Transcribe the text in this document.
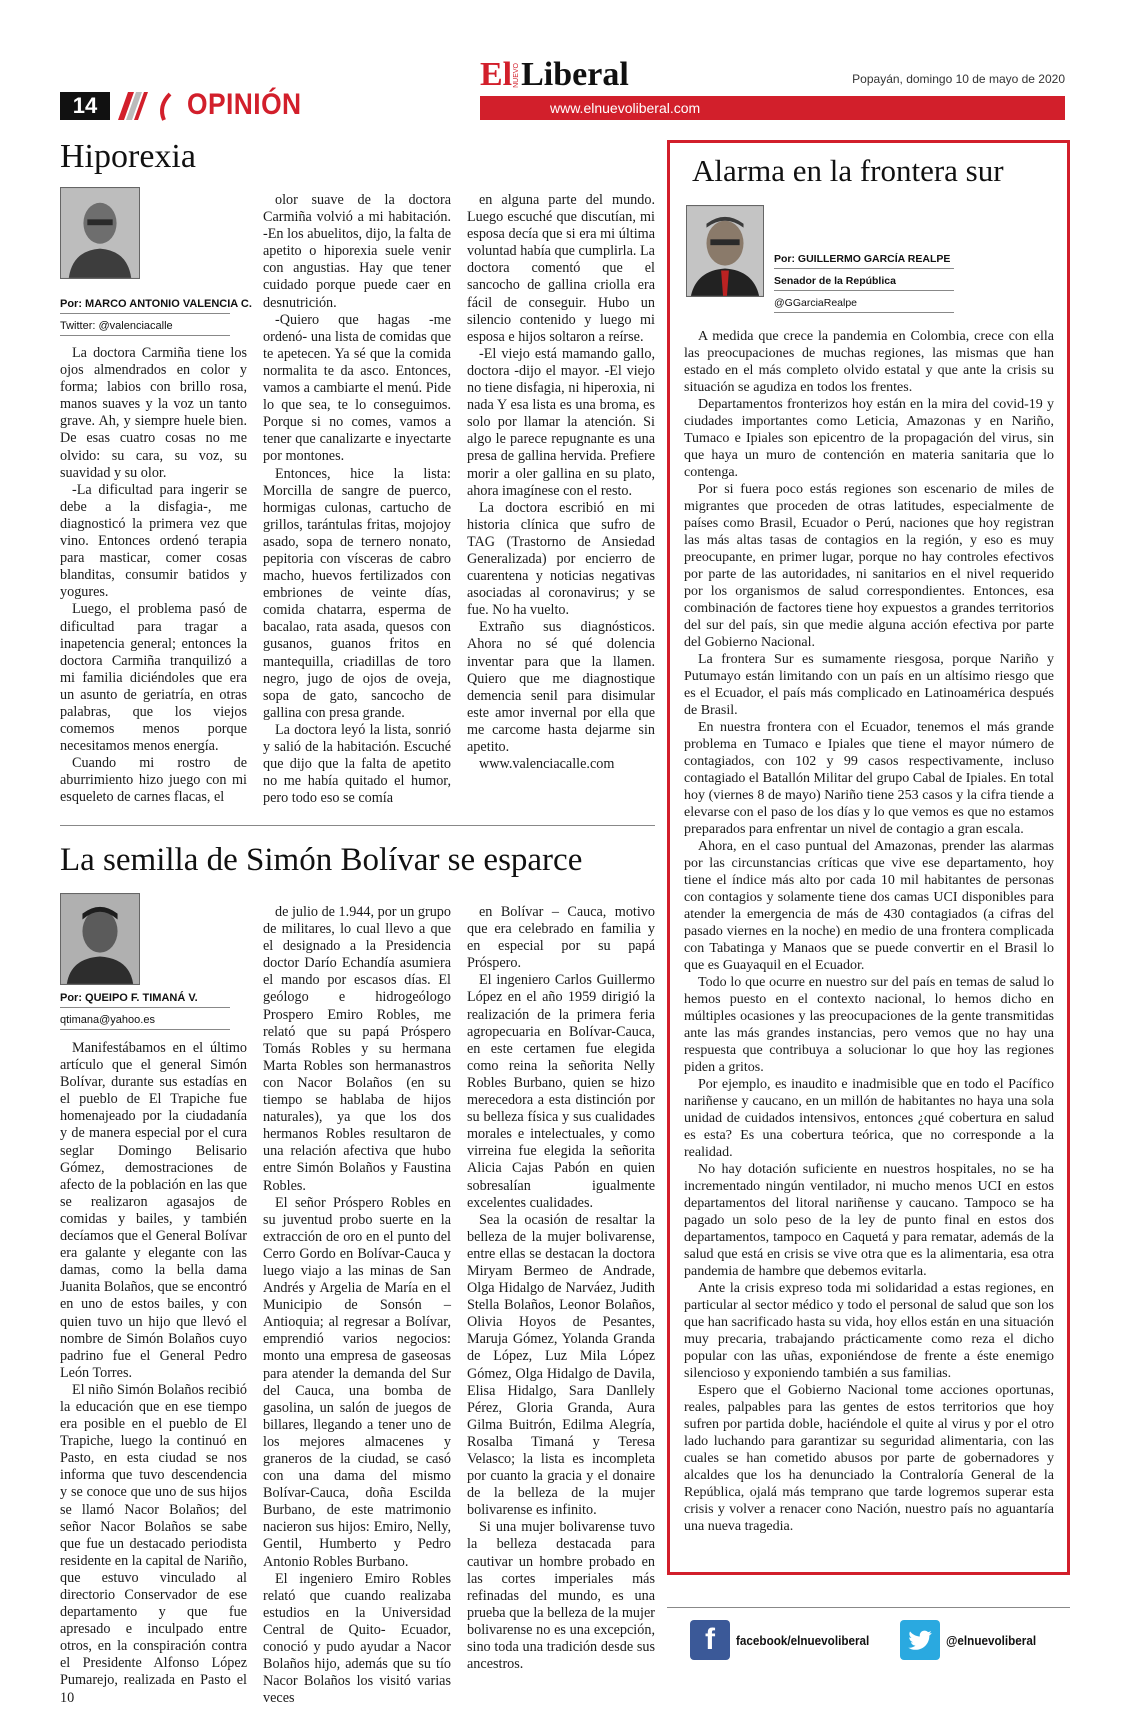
14	OPINIÓN
El NUEVO Liberal	Popayán, domingo 10 de mayo de 2020
www.elnuevoliberal.com
Hiporexia
Por: MARCO ANTONIO VALENCIA C.
Twitter: @valenciacalle

La doctora Carmiña tiene los ojos almendrados en color y forma; labios con brillo rosa, manos suaves y la voz un tanto grave. Ah, y siempre huele bien. De esas cuatro cosas no me olvido: su cara, su voz, su suavidad y su olor.

-La dificultad para ingerir se debe a la disfagia-, me diagnosticó la primera vez que vino. Entonces ordenó terapia para masticar, comer cosas blanditas, consumir batidos y yogures.

Luego, el problema pasó de dificultad para tragar a inapetencia general; entonces la doctora Carmiña tranquilizó a mi familia diciéndoles que era un asunto de geriatría, en otras palabras, que los viejos comemos menos porque necesitamos menos energía.

Cuando mi rostro de aburrimiento hizo juego con mi esqueleto de carnes flacas, el

olor suave de la doctora Carmiña volvió a mi habitación. -En los abuelitos, dijo, la falta de apetito o hiporexia suele venir con angustias. Hay que tener cuidado porque puede caer en desnutrición.

-Quiero que hagas -me ordenó- una lista de comidas que te apetecen. Ya sé que la comida normalita te da asco. Entonces, vamos a cambiarte el menú. Pide lo que sea, te lo conseguimos. Porque si no comes, vamos a tener que canalizarte e inyectarte por montones.

Entonces, hice la lista: Morcilla de sangre de puerco, hormigas culonas, cartucho de grillos, tarántulas fritas, mojojoy asado, sopa de ternero nonato, pepitoria con vísceras de cabro macho, huevos fertilizados con embriones de veinte días, comida chatarra, esperma de bacalao, rata asada, quesos con gusanos, guanos fritos en mantequilla, criadillas de toro negro, jugo de ojos de oveja, sopa de gato, sancocho de gallina con presa grande.

La doctora leyó la lista, sonrió y salió de la habitación. Escuché que dijo que la falta de apetito no me había quitado el humor, pero todo eso se comía

en alguna parte del mundo. Luego escuché que discutían, mi esposa decía que si era mi última voluntad había que cumplirla. La doctora comentó que el sancocho de gallina criolla era fácil de conseguir. Hubo un silencio contenido y luego mi esposa e hijos soltaron a reírse.

-El viejo está mamando gallo, doctora -dijo el mayor. -El viejo no tiene disfagia, ni hiperoxia, ni nada Y esa lista es una broma, es solo por llamar la atención. Si algo le parece repugnante es una presa de gallina hervida. Prefiere morir a oler gallina en su plato, ahora imagínese con el resto.

La doctora escribió en mi historia clínica que sufro de TAG (Trastorno de Ansiedad Generalizada) por encierro de cuarentena y noticias negativas asociadas al coronavirus; y se fue. No ha vuelto.

Extraño sus diagnósticos. Ahora no sé qué dolencia inventar para que la llamen. Quiero que me diagnostique demencia senil para disimular este amor invernal por ella que me carcome hasta dejarme sin apetito.

www.valenciacalle.com

La semilla de Simón Bolívar se esparce
Por: QUEIPO F. TIMANÁ V.
qtimana@yahoo.es

Manifestábamos en el último artículo que el general Simón Bolívar, durante sus estadías en el pueblo de El Trapiche fue homenajeado por la ciudadanía y de manera especial por el cura seglar Domingo Belisario Gómez, demostraciones de afecto de la población en las que se realizaron agasajos de comidas y bailes, y también decíamos que el General Bolívar era galante y elegante con las damas, como la bella dama Juanita Bolaños, que se encontró en uno de estos bailes, y con quien tuvo un hijo que llevó el nombre de Simón Bolaños cuyo padrino fue el General Pedro León Torres.

El niño Simón Bolaños recibió la educación que en ese tiempo era posible en el pueblo de El Trapiche, luego la continuó en Pasto, en esta ciudad se nos informa que tuvo descendencia y se conoce que uno de sus hijos se llamó Nacor Bolaños; del señor Nacor Bolaños se sabe que fue un destacado periodista residente en la capital de Nariño, que estuvo vinculado al directorio Conservador de ese departamento y que fue apresado e inculpado entre otros, en la conspiración contra el Presidente Alfonso López Pumarejo, realizada en Pasto el 10

de julio de 1.944, por un grupo de militares, lo cual llevo a que el designado a la Presidencia doctor Darío Echandía asumiera el mando por escasos días. El geólogo e hidrogeólogo Prospero Emiro Robles, me relató que su papá Próspero Tomás Robles y su hermana Marta Robles son hermanastros con Nacor Bolaños (en su tiempo se hablaba de hijos naturales), ya que los dos hermanos Robles resultaron de una relación afectiva que hubo entre Simón Bolaños y Faustina Robles.

El señor Próspero Robles en su juventud probo suerte en la extracción de oro en el punto del Cerro Gordo en Bolívar-Cauca y luego viajo a las minas de San Andrés y Argelia de María en el Municipio de Sonsón – Antioquia; al regresar a Bolívar, emprendió varios negocios: monto una empresa de gaseosas para atender la demanda del Sur del Cauca, una bomba de gasolina, un salón de juegos de billares, llegando a tener uno de los mejores almacenes y graneros de la ciudad, se casó con una dama del mismo Bolívar-Cauca, doña Escilda Burbano, de este matrimonio nacieron sus hijos: Emiro, Nelly, Gentil, Humberto y Pedro Antonio Robles Burbano.

El ingeniero Emiro Robles relató que cuando realizaba estudios en la Universidad Central de Quito- Ecuador, conoció y pudo ayudar a Nacor Bolaños hijo, además que su tío Nacor Bolaños los visitó varias veces

en Bolívar – Cauca, motivo que era celebrado en familia y en especial por su papá Próspero.

El ingeniero Carlos Guillermo López en el año 1959 dirigió la realización de la primera feria agropecuaria en Bolívar-Cauca, en este certamen fue elegida como reina la señorita Nelly Robles Burbano, quien se hizo merecedora a esta distinción por su belleza física y sus cualidades morales e intelectuales, y como virreina fue elegida la señorita Alicia Cajas Pabón en quien sobresalían igualmente excelentes cualidades.

Sea la ocasión de resaltar la belleza de la mujer bolivarense, entre ellas se destacan la doctora Miryam Bermeo de Andrade, Olga Hidalgo de Narváez, Judith Stella Bolaños, Leonor Bolaños, Olivia Hoyos de Pesantes, Maruja Gómez, Yolanda Granda de López, Luz Mila López Gómez, Olga Hidalgo de Davila, Elisa Hidalgo, Sara Danllely Pérez, Gloria Granda, Aura Gilma Buitrón, Edilma Alegría, Rosalba Timaná y Teresa Velasco; la lista es incompleta por cuanto la gracia y el donaire de la belleza de la mujer bolivarense es infinito.

Si una mujer bolivarense tuvo la belleza destacada para cautivar un hombre probado en las cortes imperiales más refinadas del mundo, es una prueba que la belleza de la mujer bolivarense no es una excepción, sino toda una tradición desde sus ancestros.

Alarma en la frontera sur
Por: GUILLERMO GARCÍA REALPE
Senador de la República
@GGarciaRealpe

A medida que crece la pandemia en Colombia, crece con ella las preocupaciones de muchas regiones, las mismas que han estado en el más completo olvido estatal y que ante la crisis su situación se agudiza en todos los frentes.

Departamentos fronterizos hoy están en la mira del covid-19 y ciudades importantes como Leticia, Amazonas y en Nariño, Tumaco e Ipiales son epicentro de la propagación del virus, sin que haya un muro de contención en materia sanitaria que lo contenga.

Por si fuera poco estás regiones son escenario de miles de migrantes que proceden de otras latitudes, especialmente de países como Brasil, Ecuador o Perú, naciones que hoy registran las más altas tasas de contagios en la región, y eso es muy preocupante, en primer lugar, porque no hay controles efectivos por parte de las autoridades, ni sanitarios en el nivel requerido por los organismos de salud correspondientes. Entonces, esa combinación de factores tiene hoy expuestos a grandes territorios del sur del país, sin que medie alguna acción efectiva por parte del Gobierno Nacional.

La frontera Sur es sumamente riesgosa, porque Nariño y Putumayo están limitando con un país en un altísimo riesgo que es el Ecuador, el país más complicado en Latinoamérica después de Brasil.

En nuestra frontera con el Ecuador, tenemos el más grande problema en Tumaco e Ipiales que tiene el mayor número de contagiados, con 102 y 99 casos respectivamente, incluso contagiado el Batallón Militar del grupo Cabal de Ipiales. En total hoy (viernes 8 de mayo) Nariño tiene 253 casos y la cifra tiende a elevarse con el paso de los días y lo que vemos es que no estamos preparados para enfrentar un nivel de contagio a gran escala.

Ahora, en el caso puntual del Amazonas, prender las alarmas por las circunstancias críticas que vive ese departamento, hoy tiene el índice más alto por cada 10 mil habitantes de personas con contagios y solamente tiene dos camas UCI disponibles para atender la emergencia de más de 430 contagiados (a cifras del pasado viernes en la noche) en medio de una frontera complicada con Tabatinga y Manaos que se puede convertir en el Brasil lo que es Guayaquil en el Ecuador.

Todo lo que ocurre en nuestro sur del país en temas de salud lo hemos puesto en el contexto nacional, lo hemos dicho en múltiples ocasiones y las preocupaciones de la gente transmitidas ante las más grandes instancias, pero vemos que no hay una respuesta que contribuya a solucionar lo que hoy las regiones piden a gritos.

Por ejemplo, es inaudito e inadmisible que en todo el Pacífico nariñense y caucano, en un millón de habitantes no haya una sola unidad de cuidados intensivos, entonces ¿qué cobertura en salud es esta? Es una cobertura teórica, que no corresponde a la realidad.

No hay dotación suficiente en nuestros hospitales, no se ha incrementado ningún ventilador, ni mucho menos UCI en estos departamentos del litoral nariñense y caucano. Tampoco se ha pagado un solo peso de la ley de punto final en estos dos departamentos, tampoco en Caquetá y para rematar, además de la salud que está en crisis se vive otra que es la alimentaria, esa otra pandemia de hambre que debemos evitarla.

Ante la crisis expreso toda mi solidaridad a estas regiones, en particular al sector médico y todo el personal de salud que son los que han sacrificado hasta su vida, hoy ellos están en una situación muy precaria, trabajando prácticamente como reza el dicho popular con las uñas, exponiéndose de frente a éste enemigo silencioso y exponiendo también a sus familias.

Espero que el Gobierno Nacional tome acciones oportunas, reales, palpables para las gentes de estos territorios que hoy sufren por partida doble, haciéndole el quite al virus y por el otro lado luchando para garantizar su seguridad alimentaria, con las cuales se han cometido abusos por parte de gobernadores y alcaldes que los ha denunciado la Contraloría General de la República, ojalá más temprano que tarde logremos superar esta crisis y volver a renacer cono Nación, nuestro país no aguantaría una nueva tragedia.

f facebook/elnuevoliberal	@elnuevoliberal
